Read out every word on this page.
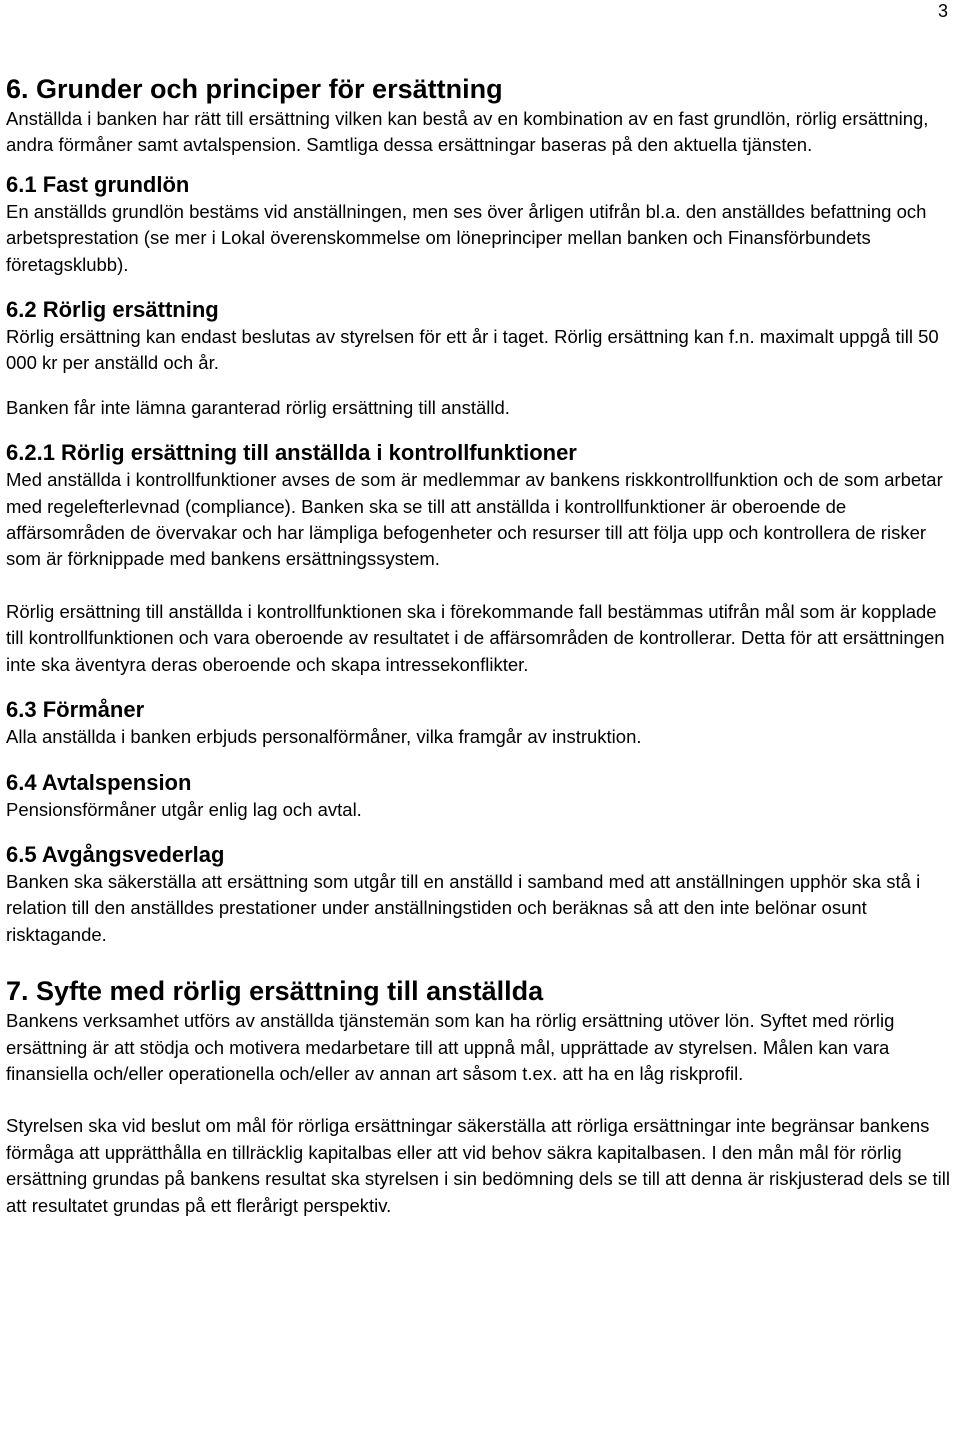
3
6. Grunder och principer för ersättning

Anställda i banken har rätt till ersättning vilken kan bestå av en kombination av en fast grundlön, rörlig ersättning, andra förmåner samt avtalspension. Samtliga dessa ersättningar baseras på den aktuella tjänsten.

6.1 Fast grundlön

En anställds grundlön bestäms vid anställningen, men ses över årligen utifrån bl.a. den anställdes befattning och arbetsprestation (se mer i Lokal överenskommelse om löneprinciper mellan banken och Finansförbundets företagsklubb).

6.2 Rörlig ersättning

Rörlig ersättning kan endast beslutas av styrelsen för ett år i taget. Rörlig ersättning kan f.n. maximalt uppgå till 50 000 kr per anställd och år.

Banken får inte lämna garanterad rörlig ersättning till anställd.

6.2.1 Rörlig ersättning till anställda i kontrollfunktioner

Med anställda i kontrollfunktioner avses de som är medlemmar av bankens riskkontrollfunktion och de som arbetar med regelefterlevnad (compliance). Banken ska se till att anställda i kontrollfunktioner är oberoende de affärsområden de övervakar och har lämpliga befogenheter och resurser till att följa upp och kontrollera de risker som är förknippade med bankens ersättningssystem.

Rörlig ersättning till anställda i kontrollfunktionen ska i förekommande fall bestämmas utifrån mål som är kopplade till kontrollfunktionen och vara oberoende av resultatet i de affärsområden de kontrollerar. Detta för att ersättningen inte ska äventyra deras oberoende och skapa intressekonflikter.

6.3 Förmåner

Alla anställda i banken erbjuds personalförmåner, vilka framgår av instruktion.

6.4 Avtalspension

Pensionsförmåner utgår enlig lag och avtal.

6.5 Avgångsvederlag

Banken ska säkerställa att ersättning som utgår till en anställd i samband med att anställningen upphör ska stå i relation till den anställdes prestationer under anställningstiden och beräknas så att den inte belönar osunt risktagande.

7. Syfte med rörlig ersättning till anställda

Bankens verksamhet utförs av anställda tjänstemän som kan ha rörlig ersättning utöver lön. Syftet med rörlig ersättning är att stödja och motivera medarbetare till att uppnå mål, upprättade av styrelsen. Målen kan vara finansiella och/eller operationella och/eller av annan art såsom t.ex. att ha en låg riskprofil.

Styrelsen ska vid beslut om mål för rörliga ersättningar säkerställa att rörliga ersättningar inte begränsar bankens förmåga att upprätthålla en tillräcklig kapitalbas eller att vid behov säkra kapitalbasen. I den mån mål för rörlig ersättning grundas på bankens resultat ska styrelsen i sin bedömning dels se till att denna är riskjusterad dels se till att resultatet grundas på ett flerårigt perspektiv.
